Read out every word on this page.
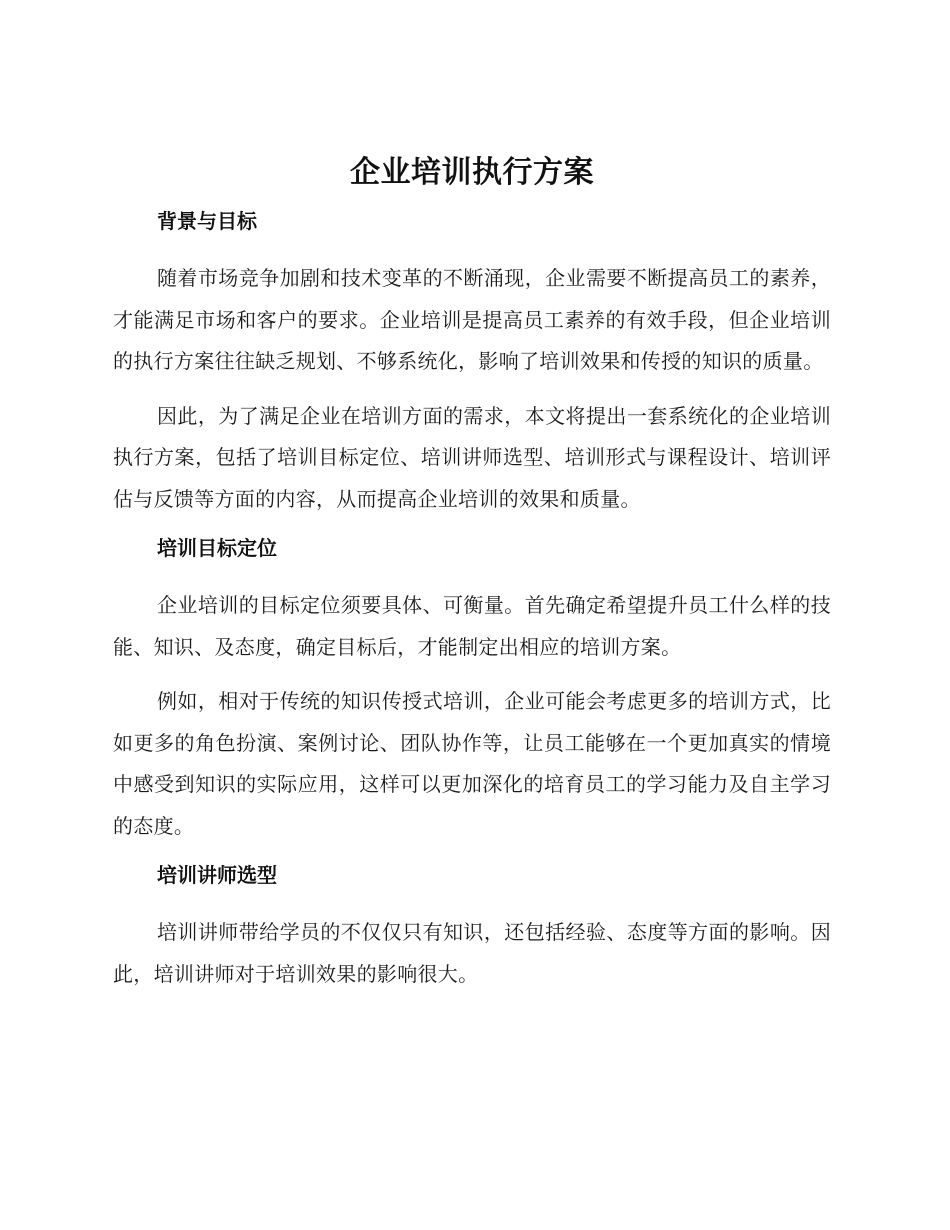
企业培训执行方案
背景与目标

随着市场竞争加剧和技术变革的不断涌现，企业需要不断提高员工的素养，才能满足市场和客户的要求。企业培训是提高员工素养的有效手段，但企业培训的执行方案往往缺乏规划、不够系统化，影响了培训效果和传授的知识的质量。

因此，为了满足企业在培训方面的需求，本文将提出一套系统化的企业培训执行方案，包括了培训目标定位、培训讲师选型、培训形式与课程设计、培训评估与反馈等方面的内容，从而提高企业培训的效果和质量。

培训目标定位

企业培训的目标定位须要具体、可衡量。首先确定希望提升员工什么样的技能、知识、及态度，确定目标后，才能制定出相应的培训方案。

例如，相对于传统的知识传授式培训，企业可能会考虑更多的培训方式，比如更多的角色扮演、案例讨论、团队协作等，让员工能够在一个更加真实的情境中感受到知识的实际应用，这样可以更加深化的培育员工的学习能力及自主学习的态度。

培训讲师选型

培训讲师带给学员的不仅仅只有知识，还包括经验、态度等方面的影响。因此，培训讲师对于培训效果的影响很大。
